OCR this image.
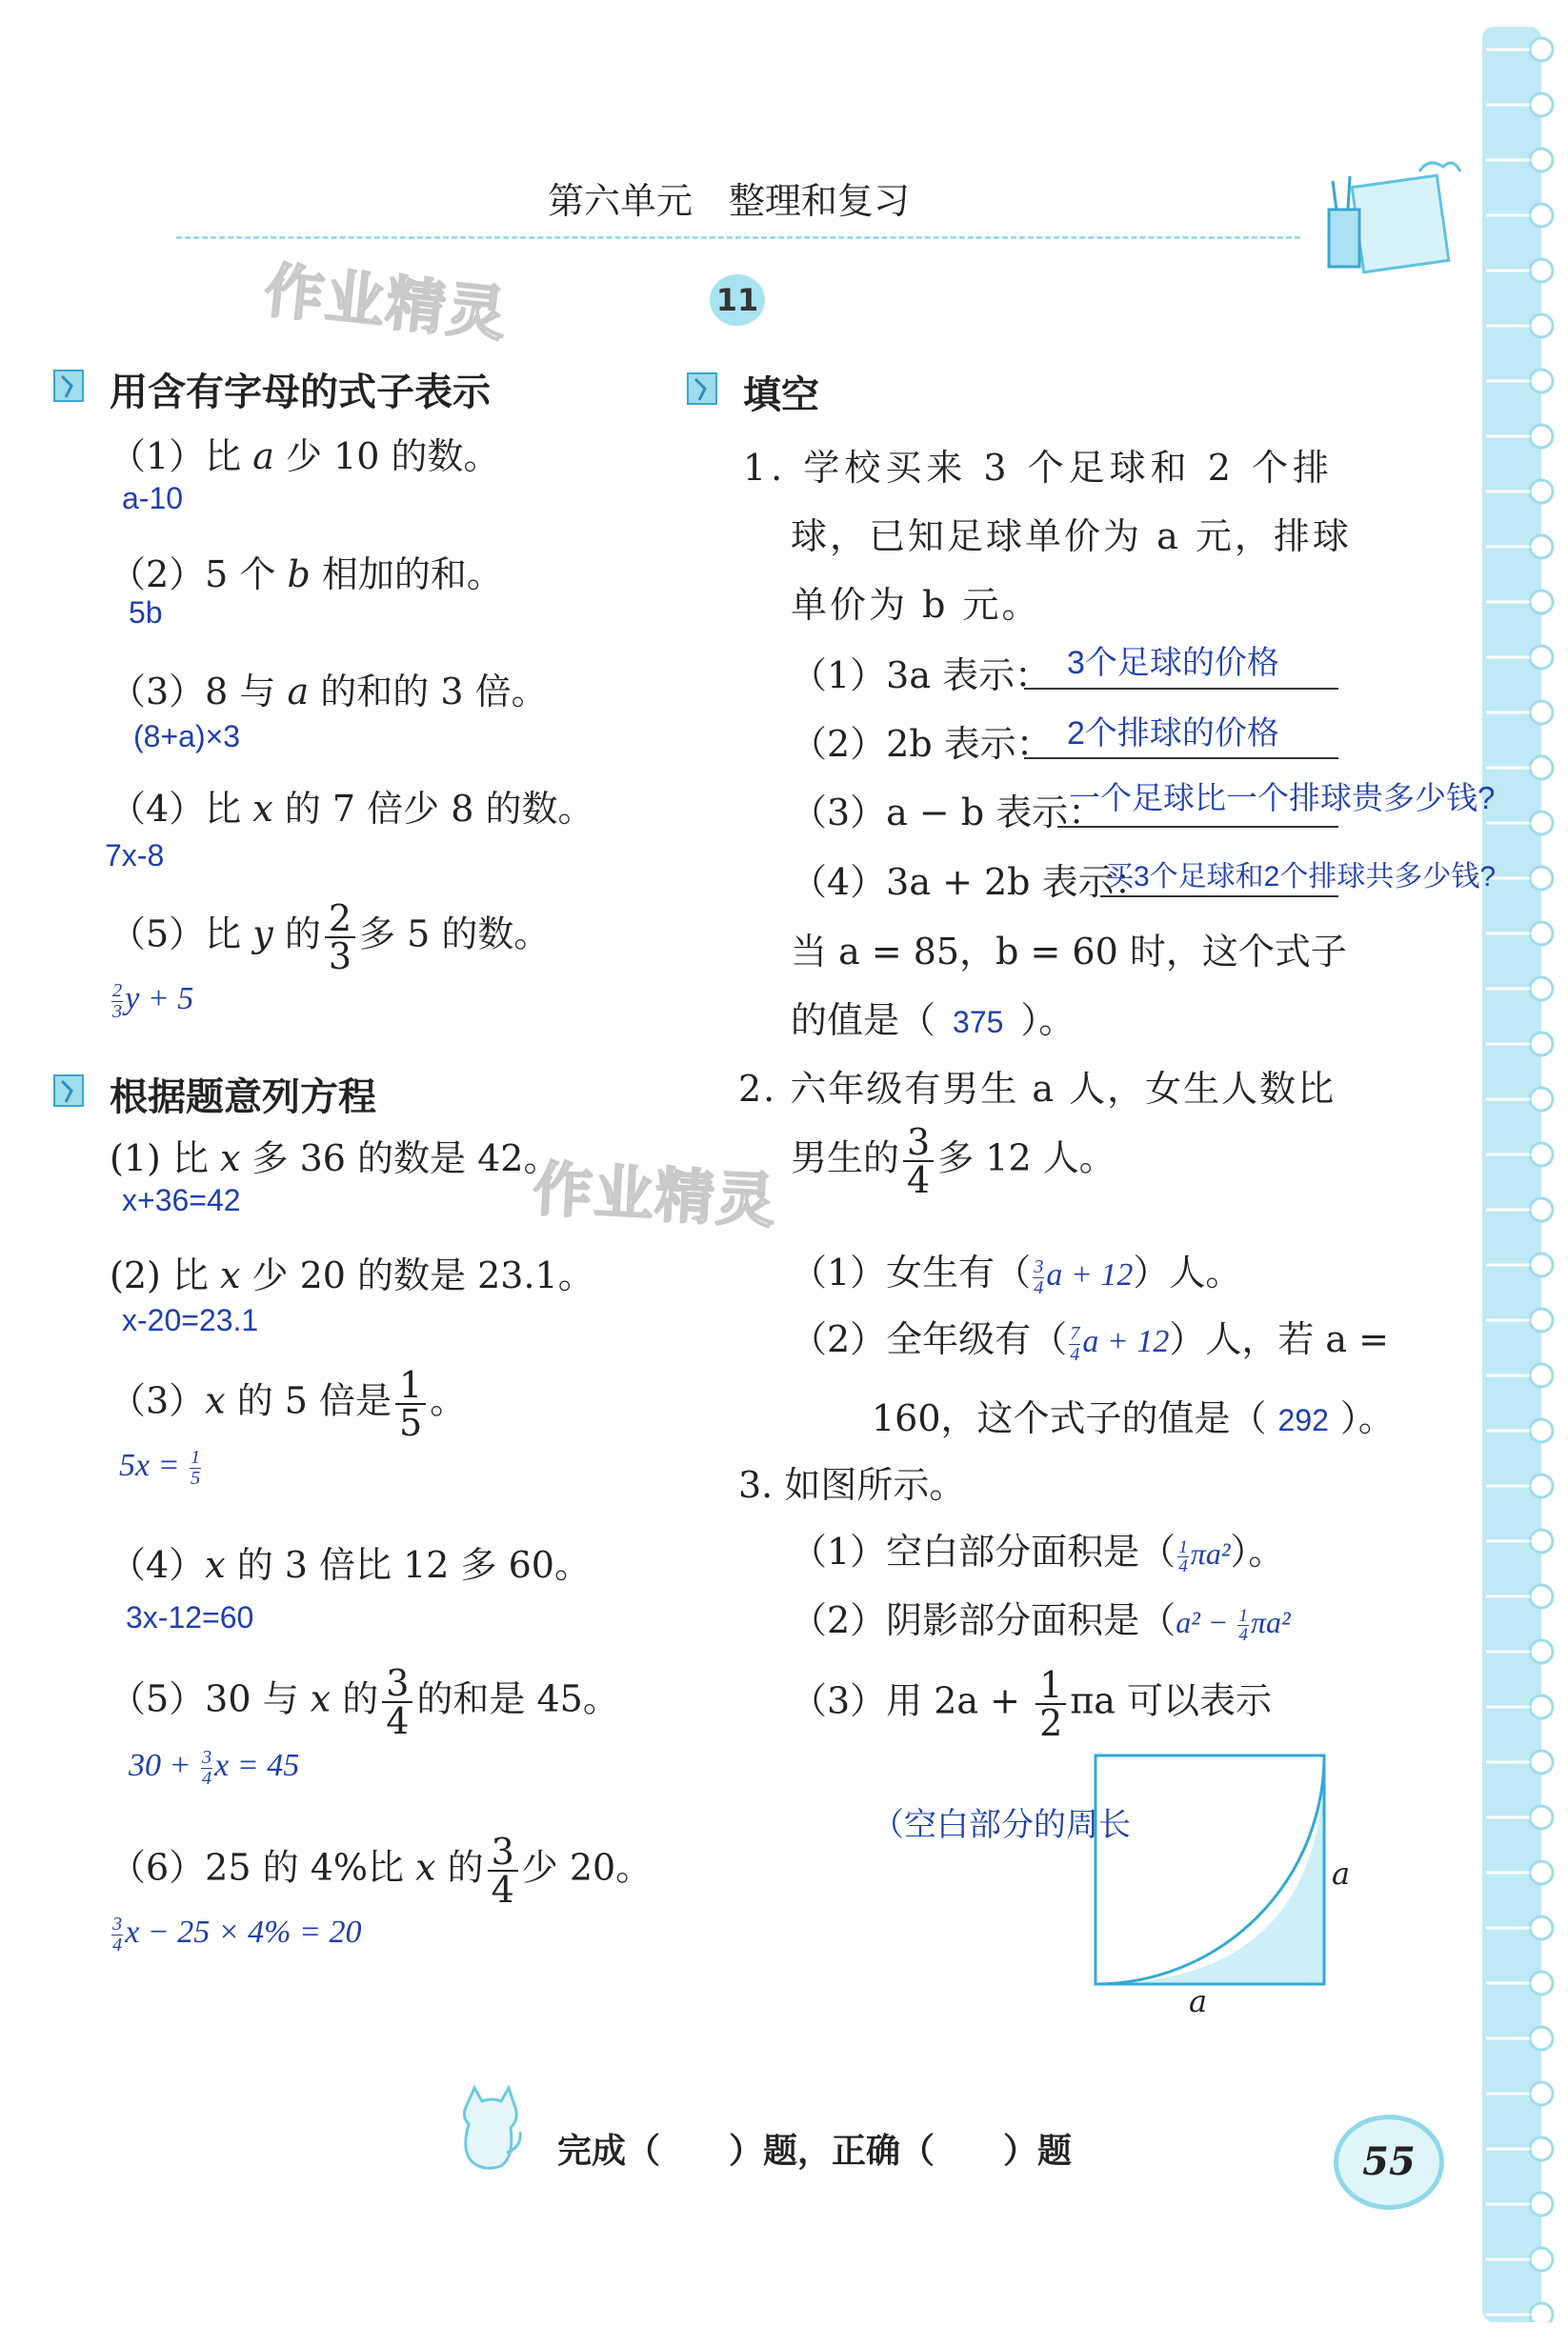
第六单元　整理和复习
作业精灵	11
用含有字母的式子表示
（1）比 a 少 10 的数。
a-10
（2）5 个 b 相加的和。
5b
（3）8 与 a 的和的 3 倍。
(8+a)×3
（4）比 x 的 7 倍少 8 的数。
7x-8
（5）比 y 的 $\frac{2}{3}$ 多 5 的数。
$\frac{2}{3}$ y + 5
根据题意列方程
(1) 比 x 多 36 的数是 42。
x+36=42	作业精灵
(2) 比 x 少 20 的数是 23.1。
x-20=23.1
（3）x 的 5 倍是 $\frac{1}{5}$ 。
$5x = \frac{1}{5}$
（4）x 的 3 倍比 12 多 60。
3x-12=60
（5）30 与 x 的 $\frac{3}{4}$ 的和是 45。
$30 + \frac{3}{4}$ x = 45
（6）25 的 4%比 x 的 $\frac{3}{4}$ 少 20。
$\frac{3}{4}$ x − 25 × 4% = 20
填空
1. 学校买来 3 个足球和 2 个排
球，已知足球单价为 a 元，排球
单价为 b 元。
（1）3a 表示： 3个足球的价格
（2）2b 表示： 2个排球的价格
（3）a − b 表示：
一个足球比一个排球贵多少钱?
（4）3a + 2b 表示：
买3个足球和2个排球共多少钱?
当 a = 85，b = 60 时，这个式子
的值是（ 375 ）。
2. 六年级有男生 a 人，女生人数比
男生的 $\frac{3}{4}$ 多 12 人。
（1）女生有（ $\frac{3}{4}$ a + 12）人。
（2）全年级有（ $\frac{7}{4}$ a + 12）人，若 a =
160，这个式子的值是（ 292 ）。
3. 如图所示。
（1）空白部分面积是（ $\frac{1}{4} \pi a^2$）。
（2）阴影部分面积是（$a^2 - \frac{1}{4} \pi a^2$
（3）用 $2a + \frac{1}{2}$ πa 可以表示
（空白部分的周长
a
a
完成（　　）题，正确（　　）题	55
